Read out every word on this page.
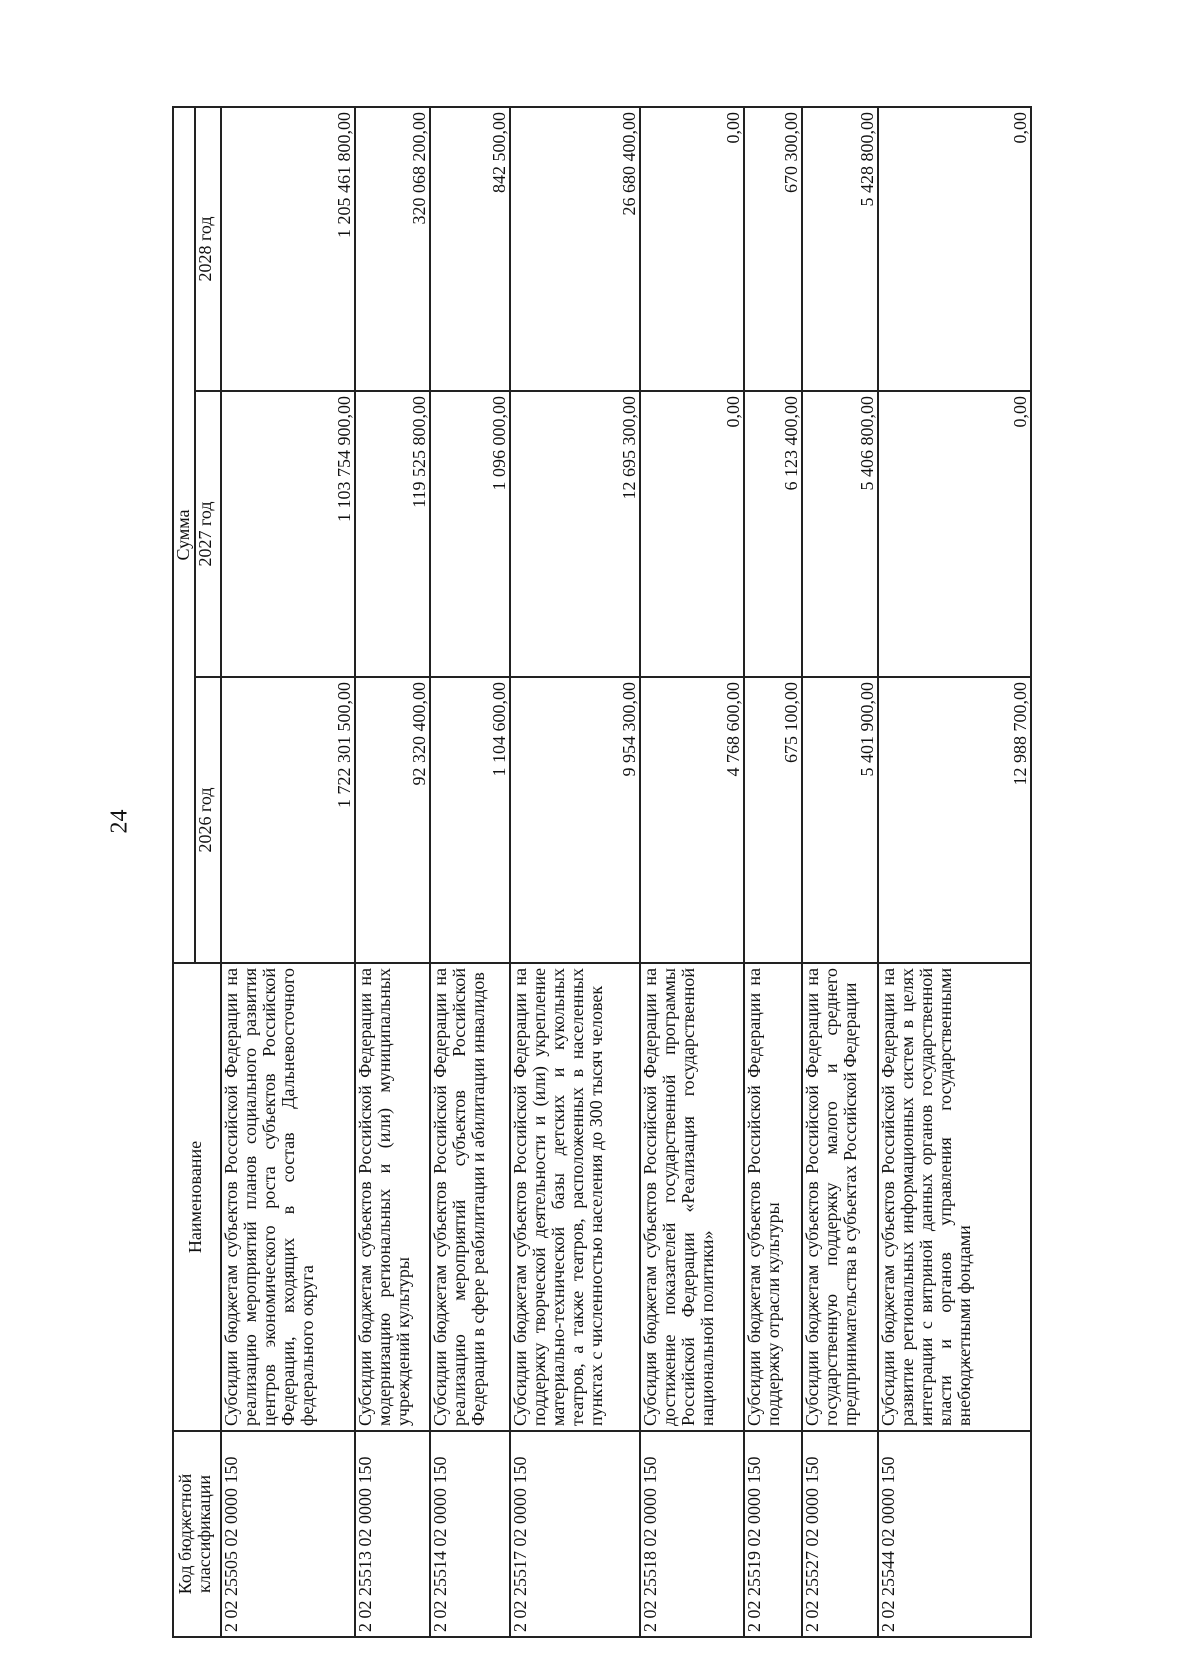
24
Код бюджетной классификации	Наименование	Сумма		
		2026 год	2027 год	2028 год
2 02 25505 02 0000 150	Субсидии бюджетам субъектов Российской Федерации на реализацию мероприятий планов социального развития центров экономического роста субъектов Российской Федерации, входящих в состав Дальневосточного федерального округа	1 722 301 500,00	1 103 754 900,00	1 205 461 800,00
2 02 25513 02 0000 150	Субсидии бюджетам субъектов Российской Федерации на модернизацию региональных и (или) муниципальных учреждений культуры	92 320 400,00	119 525 800,00	320 068 200,00
2 02 25514 02 0000 150	Субсидии бюджетам субъектов Российской Федерации на реализацию мероприятий субъектов Российской Федерации в сфере реабилитации и абилитации инвалидов	1 104 600,00	1 096 000,00	842 500,00
2 02 25517 02 0000 150	Субсидии бюджетам субъектов Российской Федерации на поддержку творческой деятельности и (или) укрепление материально-технической базы детских и кукольных театров, а также театров, расположенных в населенных пунктах с численностью населения до 300 тысяч человек	9 954 300,00	12 695 300,00	26 680 400,00
2 02 25518 02 0000 150	Субсидия бюджетам субъектов Российской Федерации на достижение показателей государственной программы Российской Федерации «Реализация государственной национальной политики»	4 768 600,00	0,00	0,00
2 02 25519 02 0000 150	Субсидии бюджетам субъектов Российской Федерации на поддержку отрасли культуры	675 100,00	6 123 400,00	670 300,00
2 02 25527 02 0000 150	Субсидии бюджетам субъектов Российской Федерации на государственную поддержку малого и среднего предпринимательства в субъектах Российской Федерации	5 401 900,00	5 406 800,00	5 428 800,00
2 02 25544 02 0000 150	Субсидии бюджетам субъектов Российской Федерации на развитие региональных информационных систем в целях интеграции с витриной данных органов государственной власти и органов управления государственными внебюджетными фондами	12 988 700,00	0,00	0,00
